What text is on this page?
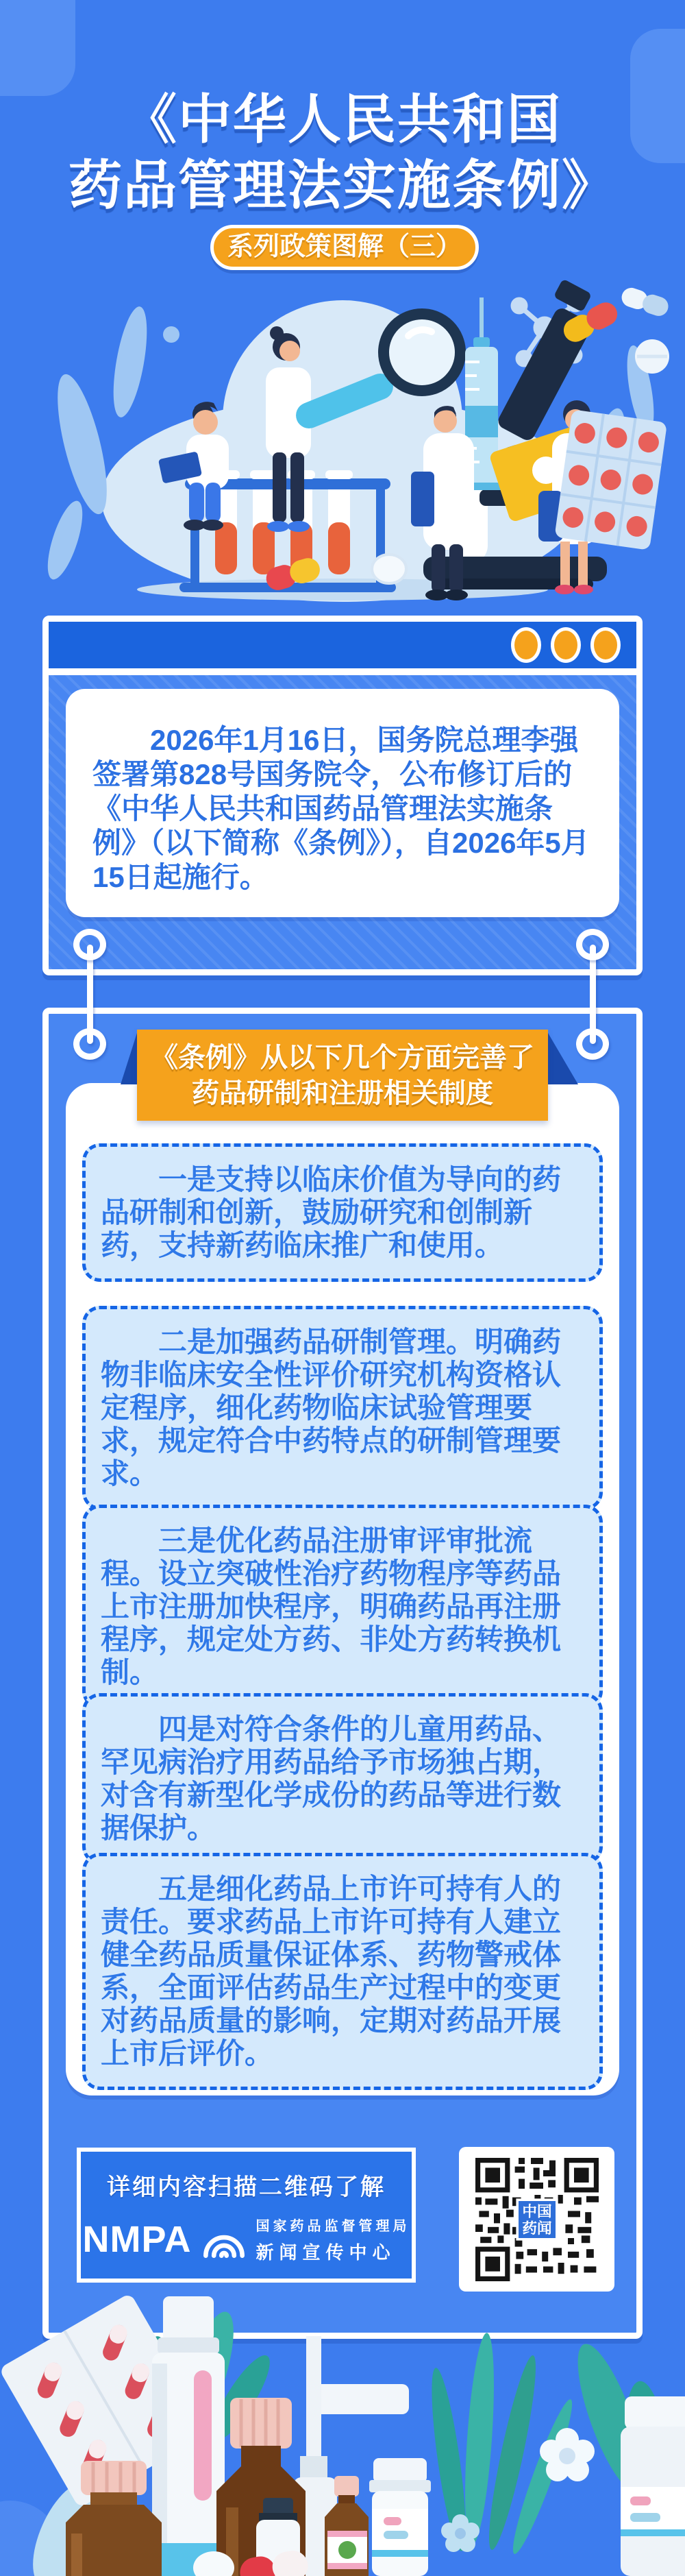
《中华人民共和国
药品管理法实施条例》
系列政策图解（三）
2026年1月16日，国务院总理李强签署第828号国务院令，公布修订后的《中华人民共和国药品管理法实施条例》（以下简称《条例》），自2026年5月15日起施行。
一是支持以临床价值为导向的药品研制和创新，鼓励研究和创制新药，支持新药临床推广和使用。
二是加强药品研制管理。明确药物非临床安全性评价研究机构资格认定程序，细化药物临床试验管理要求，规定符合中药特点的研制管理要求。
三是优化药品注册审评审批流程。设立突破性治疗药物程序等药品上市注册加快程序，明确药品再注册程序，规定处方药、非处方药转换机制。
四是对符合条件的儿童用药品、罕见病治疗用药品给予市场独占期，对含有新型化学成份的药品等进行数据保护。
五是细化药品上市许可持有人的责任。要求药品上市许可持有人建立健全药品质量保证体系、药物警戒体系，全面评估药品生产过程中的变更对药品质量的影响，定期对药品开展上市后评价。
《条例》从以下几个方面完善了
药品研制和注册相关制度
详细内容扫描二维码了解
NMPA	国家药品监督管理局
新闻宣传中心
中国
药闻
